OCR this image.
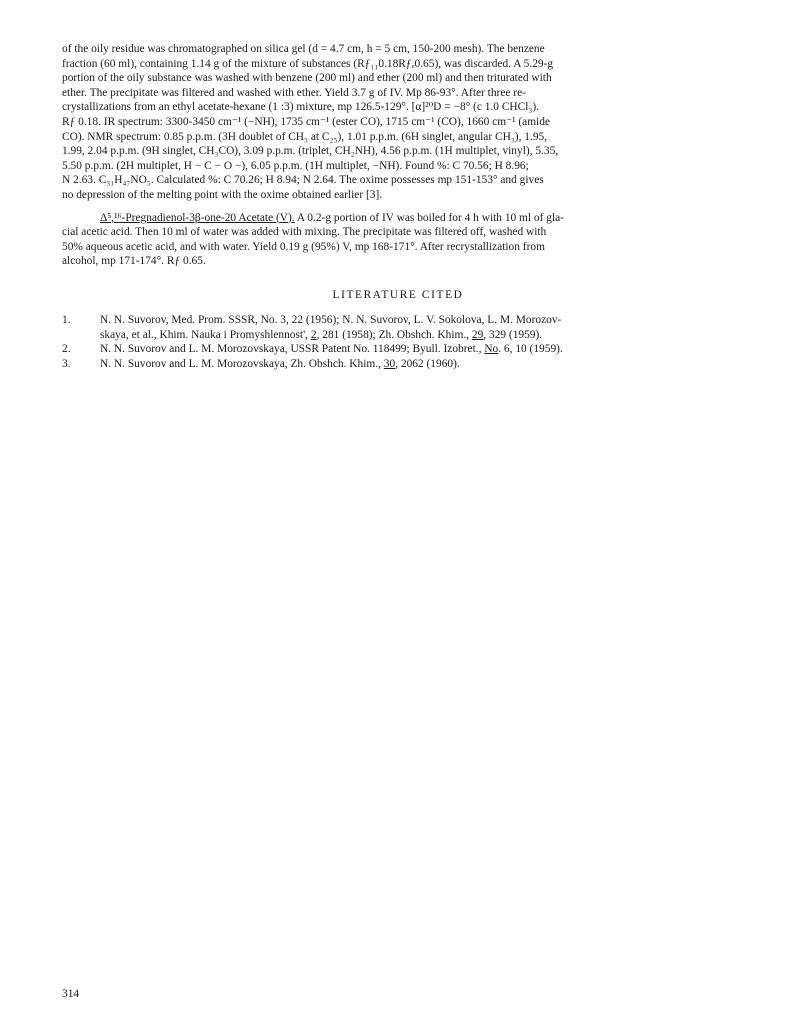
of the oily residue was chromatographed on silica gel (d = 4.7 cm, h = 5 cm, 150-200 mesh). The benzene
fraction (60 ml), containing 1.14 g of the mixture of substances (Rƒ₁₁0.18Rƒₑ0.65), was discarded. A 5.29-g
portion of the oily substance was washed with benzene (200 ml) and ether (200 ml) and then triturated with
ether. The precipitate was filtered and washed with ether. Yield 3.7 g of IV. Mp 86-93°. After three re-
crystallizations from an ethyl acetate-hexane (1 :3) mixture, mp 126.5-129°. [α]²⁰D = −8° (c 1.0 CHCl₃).
Rƒ 0.18. IR spectrum: 3300-3450 cm⁻¹ (−NH), 1735 cm⁻¹ (ester CO), 1715 cm⁻¹ (CO), 1660 cm⁻¹ (amide
CO). NMR spectrum: 0.85 p.p.m. (3H doublet of CH₃ at C₂₅), 1.01 p.p.m. (6H singlet, angular CH₃), 1.95,
1.99, 2.04 p.p.m. (9H singlet, CH₃CO), 3.09 p.p.m. (triplet, CH₂NH), 4.56 p.p.m. (1H multiplet, vinyl), 5.35,
5.50 p.p.m. (2H multiplet, H − C − O −), 6.05 p.p.m. (1H multiplet, −NH). Found %: C 70.56; H 8.96;
N 2.63. C₃₁H₄₇NO₅. Calculated %: C 70.26; H 8.94; N 2.64. The oxime possesses mp 151-153° and gives
no depression of the melting point with the oxime obtained earlier [3].

Δ⁵,¹⁶-Pregnadienol-3β-one-20 Acetate (V). A 0.2-g portion of IV was boiled for 4 h with 10 ml of gla-
cial acetic acid. Then 10 ml of water was added with mixing. The precipitate was filtered off, washed with
50% aqueous acetic acid, and with water. Yield 0.19 g (95%) V, mp 168-171°. After recrystallization from
alcohol, mp 171-174°. Rƒ 0.65.

LITERATURE CITED
1.	N. N. Suvorov, Med. Prom. SSSR, No. 3, 22 (1956); N. N. Suvorov, L. V. Sokolova, L. M. Morozov-
skaya, et al., Khim. Nauka i Promyshlennost', 2, 281 (1958); Zh. Obshch. Khim., 29, 329 (1959).
2.	N. N. Suvorov and L. M. Morozovskaya, USSR Patent No. 118499; Byull. Izobret., No. 6, 10 (1959).
3.	N. N. Suvorov and L. M. Morozovskaya, Zh. Obshch. Khim., 30, 2062 (1960).
314
